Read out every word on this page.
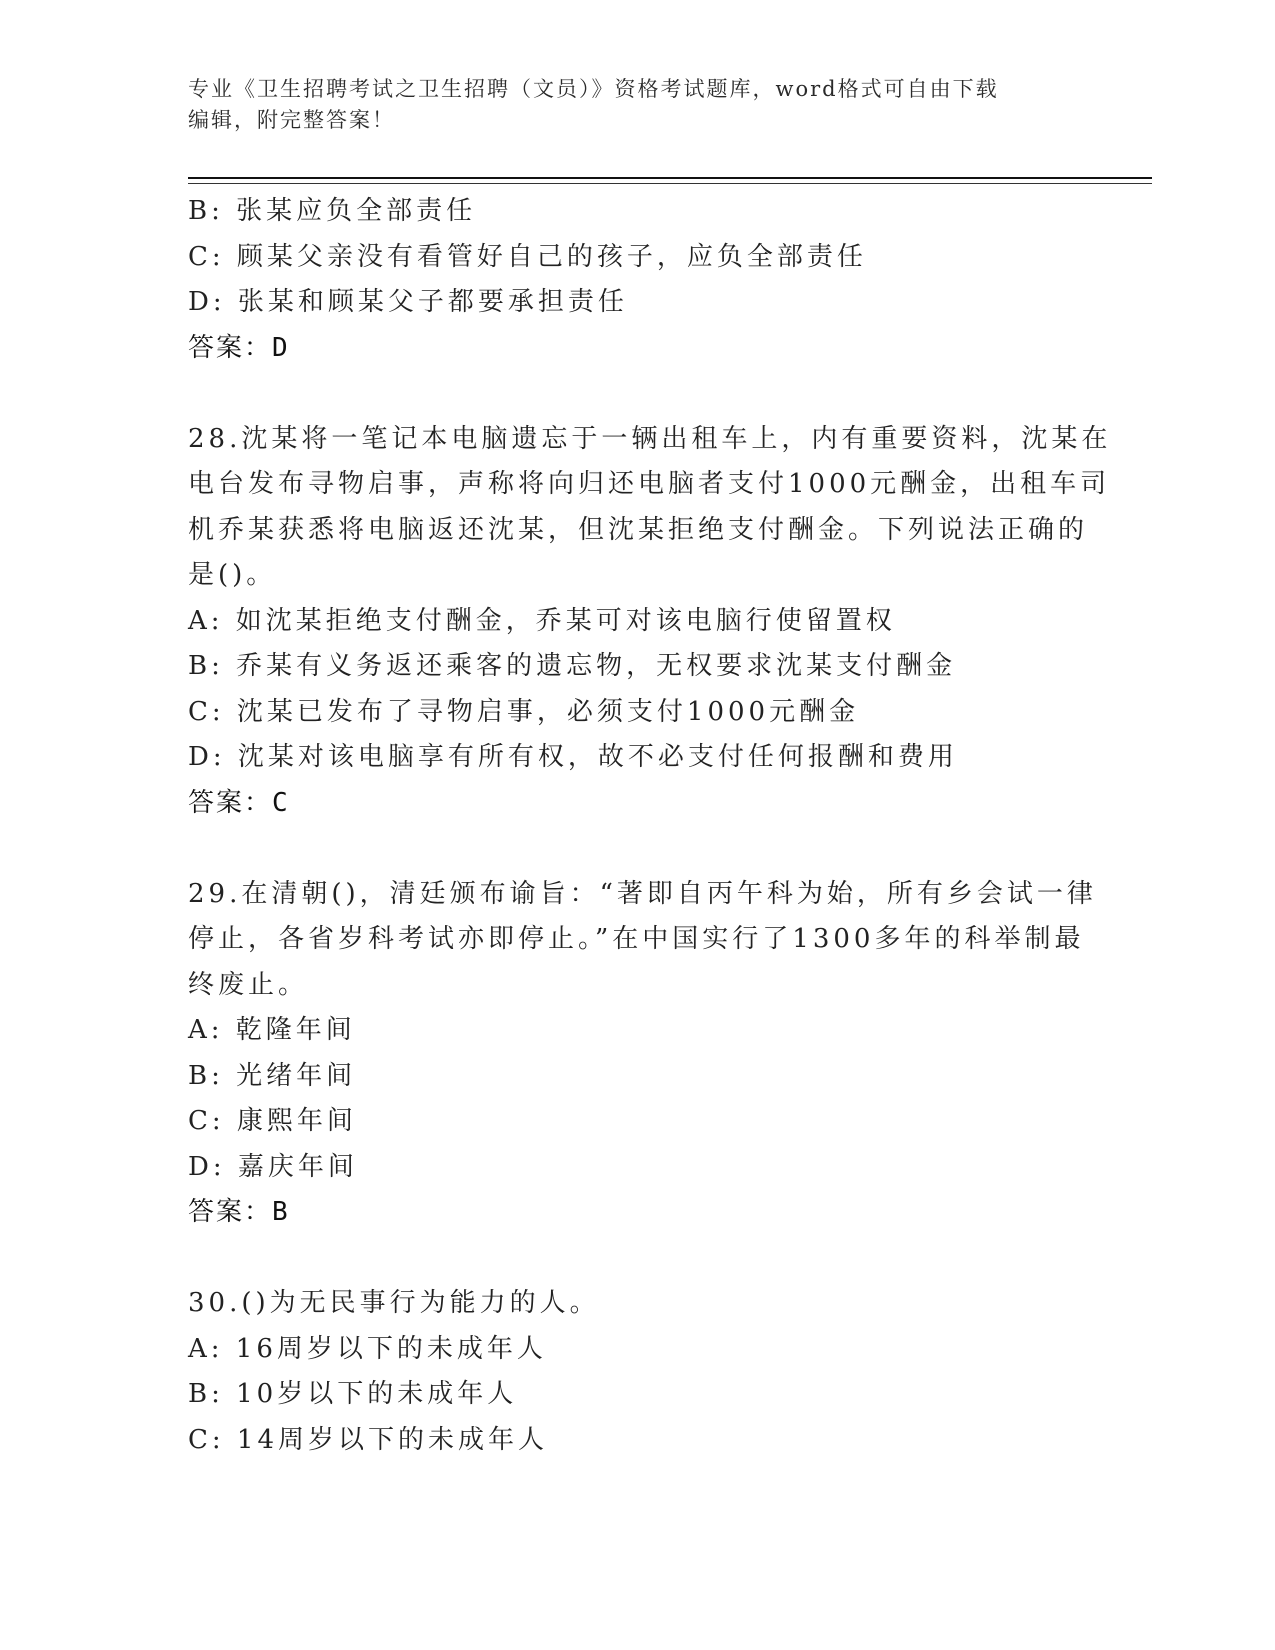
专业《卫生招聘考试之卫生招聘（文员）》资格考试题库，word格式可自由下载
编辑，附完整答案！
B: 张某应负全部责任
C: 顾某父亲没有看管好自己的孩子，应负全部责任
D: 张某和顾某父子都要承担责任
答案：D
28.沈某将一笔记本电脑遗忘于一辆出租车上，内有重要资料，沈某在
电台发布寻物启事，声称将向归还电脑者支付1000元酬金，出租车司
机乔某获悉将电脑返还沈某，但沈某拒绝支付酬金。下列说法正确的
是()。
A: 如沈某拒绝支付酬金，乔某可对该电脑行使留置权
B: 乔某有义务返还乘客的遗忘物，无权要求沈某支付酬金
C: 沈某已发布了寻物启事，必须支付1000元酬金
D: 沈某对该电脑享有所有权，故不必支付任何报酬和费用
答案：C
29.在清朝()，清廷颁布谕旨：“著即自丙午科为始，所有乡会试一律
停止，各省岁科考试亦即停止。”在中国实行了1300多年的科举制最
终废止。
A: 乾隆年间
B: 光绪年间
C: 康熙年间
D: 嘉庆年间
答案：B
30.()为无民事行为能力的人。
A: 16周岁以下的未成年人
B: 10岁以下的未成年人
C: 14周岁以下的未成年人
